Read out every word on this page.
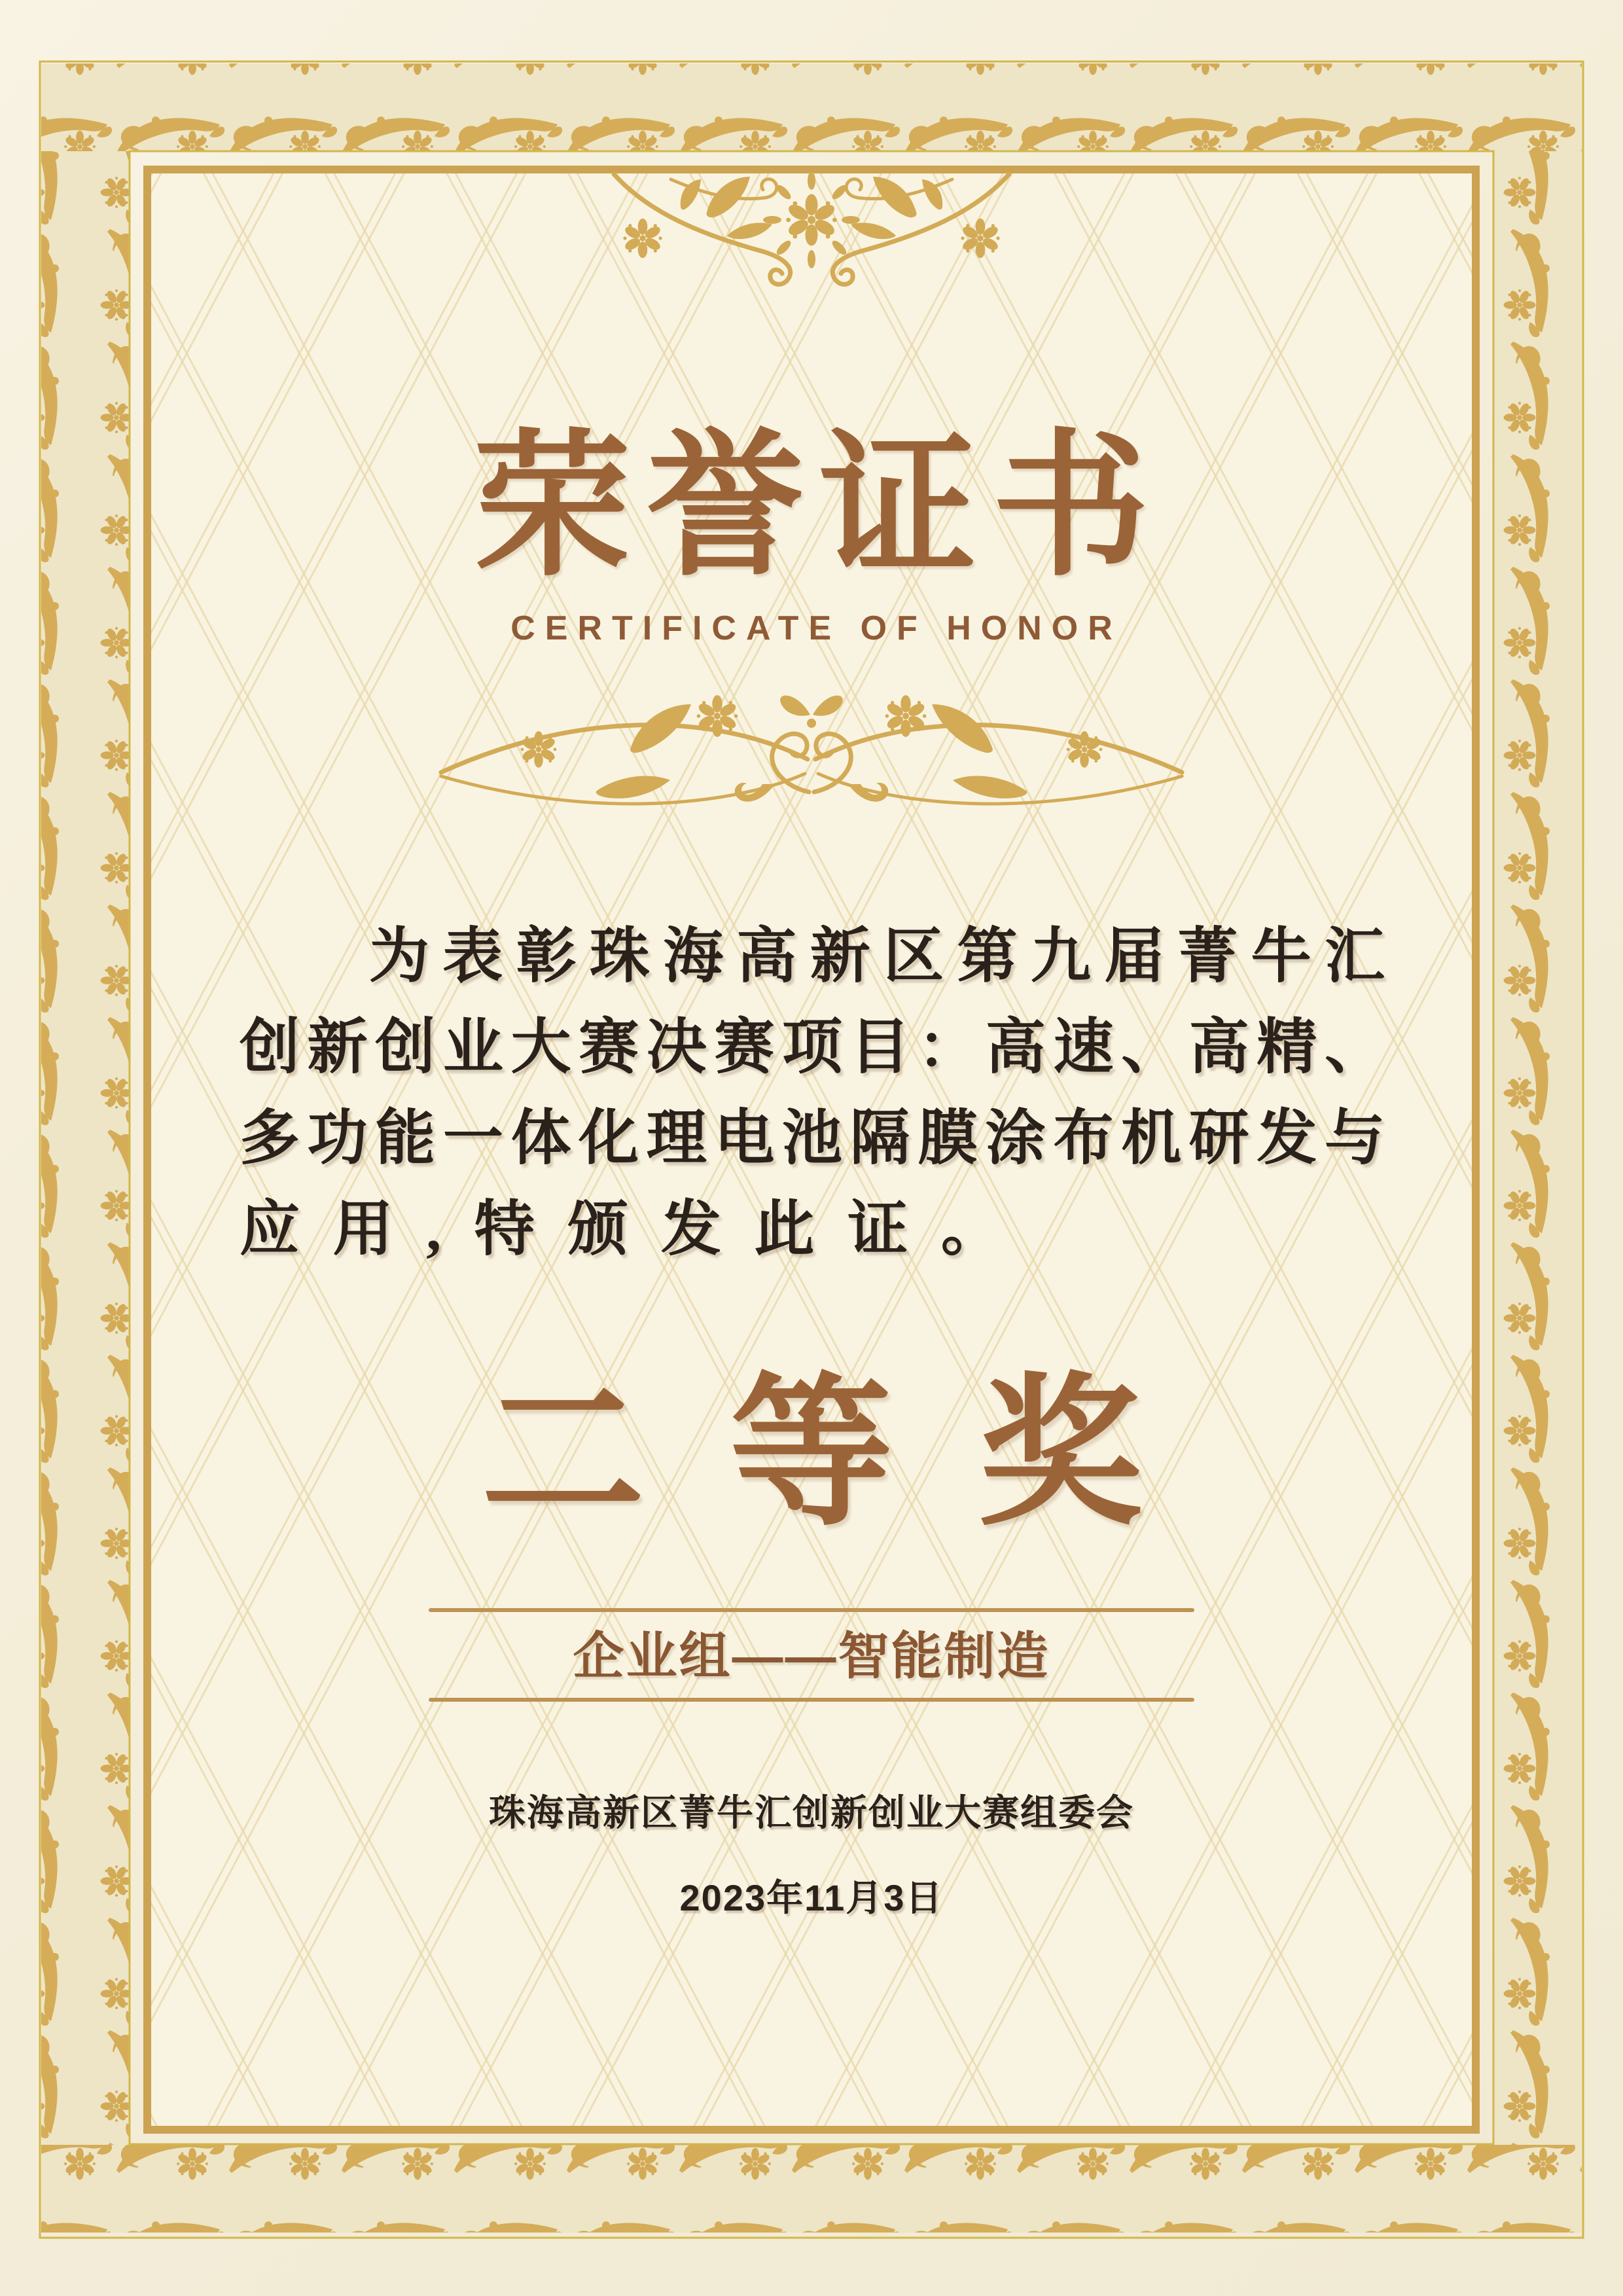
荣誉证书
CERTIFICATE OF HONOR
为表彰珠海高新区第九届菁牛汇
创新创业大赛决赛项目：高速、高精、
多功能一体化理电池隔膜涂布机研发与
应用,特颁发此证。
二等奖
企业组——智能制造
珠海高新区菁牛汇创新创业大赛组委会
2023年11月3日
